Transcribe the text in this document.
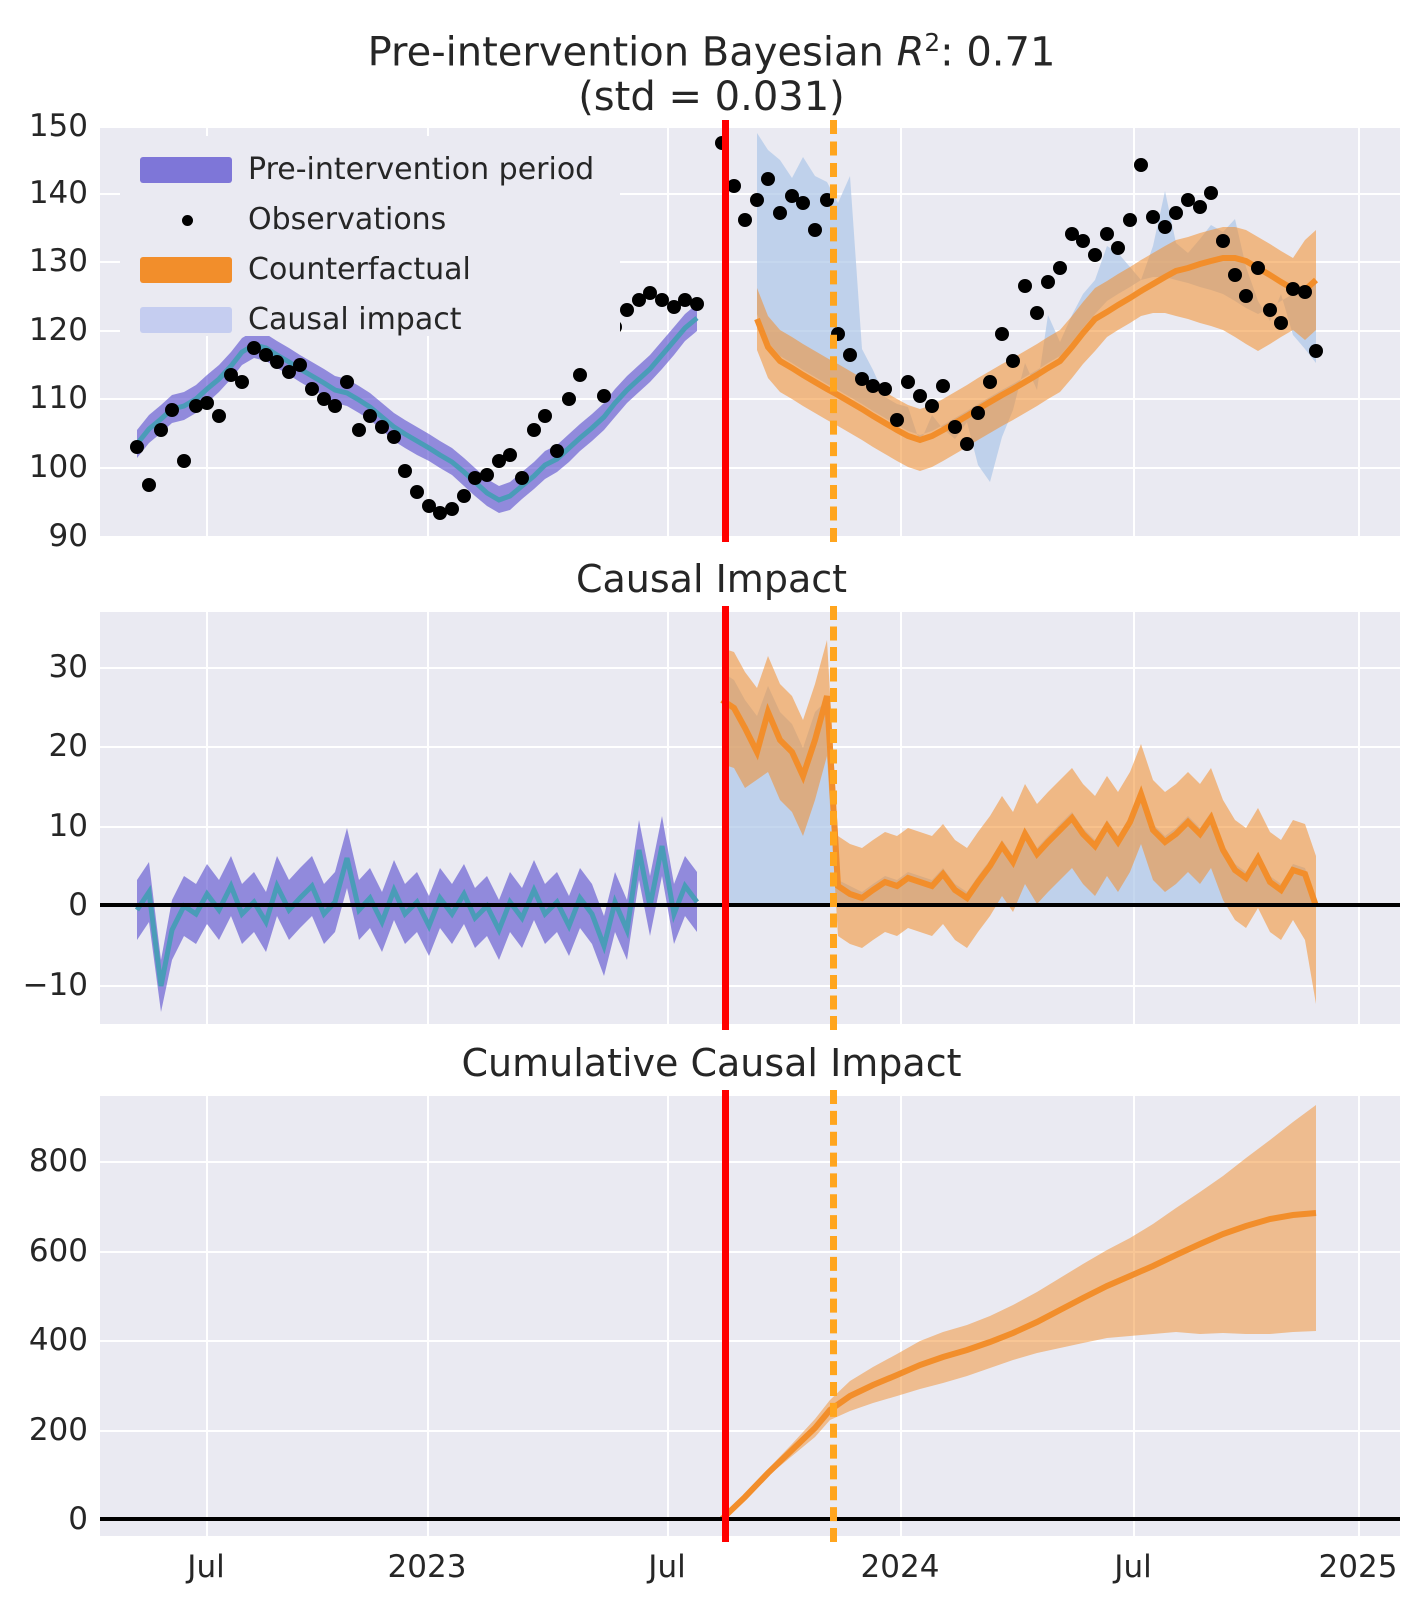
Pre-intervention Bayesian $R^2$: 0.71
(std = 0.031)
90
100
110
120
130
140
150
Pre-intervention period
Observations
Counterfactual
Causal impact
Causal Impact
−10
0
10
20
30
Cumulative Causal Impact
0
200
400
600
800
Jul	2023	Jul	2024	Jul	2025
